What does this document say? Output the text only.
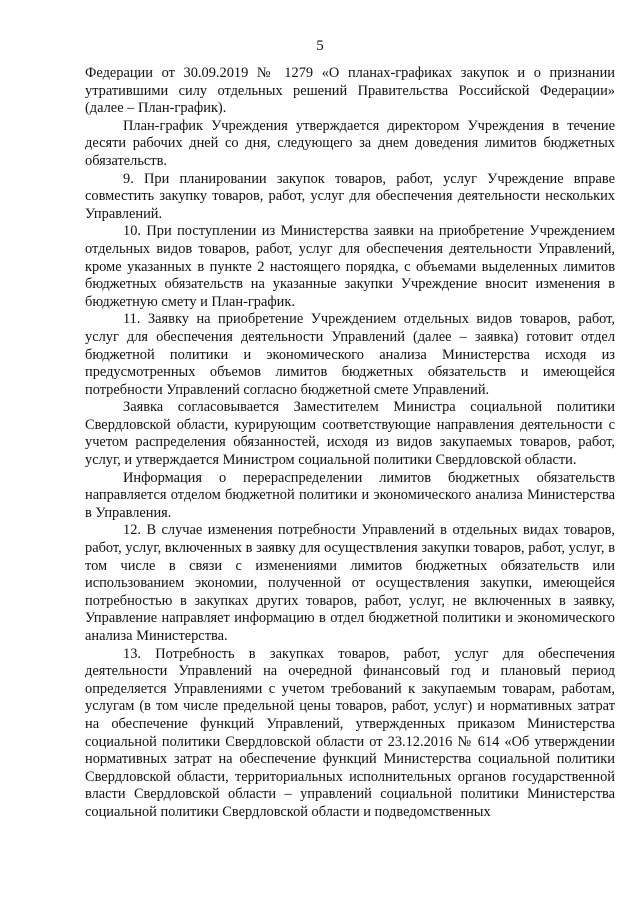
5

Федерации от 30.09.2019 № 1279 «О планах-графиках закупок и о признании утратившими силу отдельных решений Правительства Российской Федерации» (далее – План-график).

План-график Учреждения утверждается директором Учреждения в течение десяти рабочих дней со дня, следующего за днем доведения лимитов бюджетных обязательств.

9. При планировании закупок товаров, работ, услуг Учреждение вправе совместить закупку товаров, работ, услуг для обеспечения деятельности нескольких Управлений.

10. При поступлении из Министерства заявки на приобретение Учреждением отдельных видов товаров, работ, услуг для обеспечения деятельности Управлений, кроме указанных в пункте 2 настоящего порядка, с объемами выделенных лимитов бюджетных обязательств на указанные закупки Учреждение вносит изменения в бюджетную смету и План-график.

11. Заявку на приобретение Учреждением отдельных видов товаров, работ, услуг для обеспечения деятельности Управлений (далее – заявка) готовит отдел бюджетной политики и экономического анализа Министерства исходя из предусмотренных объемов лимитов бюджетных обязательств и имеющейся потребности Управлений согласно бюджетной смете Управлений.

Заявка согласовывается Заместителем Министра социальной политики Свердловской области, курирующим соответствующие направления деятельности с учетом распределения обязанностей, исходя из видов закупаемых товаров, работ, услуг, и утверждается Министром социальной политики Свердловской области.

Информация о перераспределении лимитов бюджетных обязательств направляется отделом бюджетной политики и экономического анализа Министерства в Управления.

12. В случае изменения потребности Управлений в отдельных видах товаров, работ, услуг, включенных в заявку для осуществления закупки товаров, работ, услуг, в том числе в связи с изменениями лимитов бюджетных обязательств или использованием экономии, полученной от осуществления закупки, имеющейся потребностью в закупках других товаров, работ, услуг, не включенных в заявку, Управление направляет информацию в отдел бюджетной политики и экономического анализа Министерства.

13. Потребность в закупках товаров, работ, услуг для обеспечения деятельности Управлений на очередной финансовый год и плановый период определяется Управлениями с учетом требований к закупаемым товарам, работам, услугам (в том числе предельной цены товаров, работ, услуг) и нормативных затрат на обеспечение функций Управлений, утвержденных приказом Министерства социальной политики Свердловской области от 23.12.2016 № 614 «Об утверждении нормативных затрат на обеспечение функций Министерства социальной политики Свердловской области, территориальных исполнительных органов государственной власти Свердловской области – управлений социальной политики Министерства социальной политики Свердловской области и подведомственных
